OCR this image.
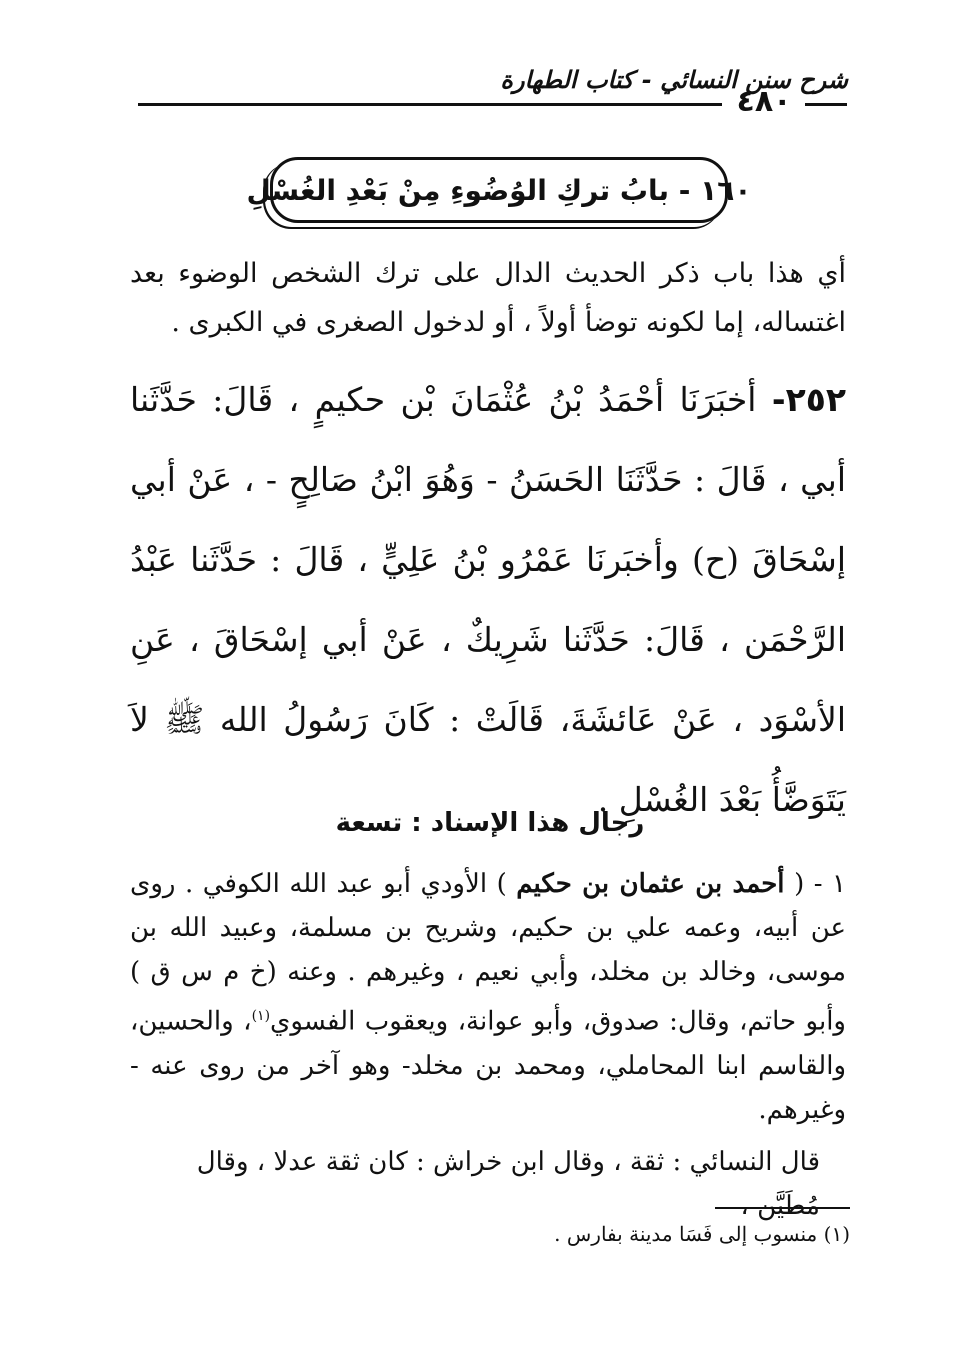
شرح سنن النسائي - كتاب الطهارة
٤٨٠
١٦٠ - بابُ تركِ الوُضُوءِ مِنْ بَعْدِ الغُسْلِ

أي هذا باب ذكر الحديث الدال على ترك الشخص الوضوء بعد اغتساله، إما لكونه توضأ أولاً ، أو لدخول الصغرى في الكبرى .

٢٥٢- أخبَرَنَا أحْمَدُ بْنُ عُثْمَانَ بْن حكيمٍ ، قَالَ: حَدَّثَنا أبي ، قَالَ : حَدَّثَنَا الحَسَنُ - وَهُوَ ابْنُ صَالِحٍ - ، عَنْ أبي إسْحَاقَ (ح) وأخبَرنَا عَمْرُو بْنُ عَلِيٍّ ، قَالَ : حَدَّثَنا عَبْدُ الرَّحْمَن ، قَالَ: حَدَّثَنا شَرِيكٌ ، عَنْ أبي إسْحَاقَ ، عَنِ الأسْوَد ، عَنْ عَائشَةَ، قَالَتْ : كَانَ رَسُولُ الله ﷺ لاَ يَتَوَضَّأُ بَعْدَ الغُسْلِ .

رجال هذا الإسناد : تسعة

١ - ( أحمد بن عثمان بن حكيم ) الأودي أبو عبد الله الكوفي . روى عن أبيه، وعمه علي بن حكيم، وشريح بن مسلمة، وعبيد الله بن موسى، وخالد بن مخلد، وأبي نعيم ، وغيرهم . وعنه (خ م س ق ) وأبو حاتم، وقال: صدوق، وأبو عوانة، ويعقوب الفسوي$^{(١)}$، والحسين، والقاسم ابنا المحاملي، ومحمد بن مخلد- وهو آخر من روى عنه - وغيرهم.

قال النسائي : ثقة ، وقال ابن خراش : كان ثقة عدلا ، وقال مُطَيَّن ،

(١) منسوب إلى فَسَا مدينة بفارس .
